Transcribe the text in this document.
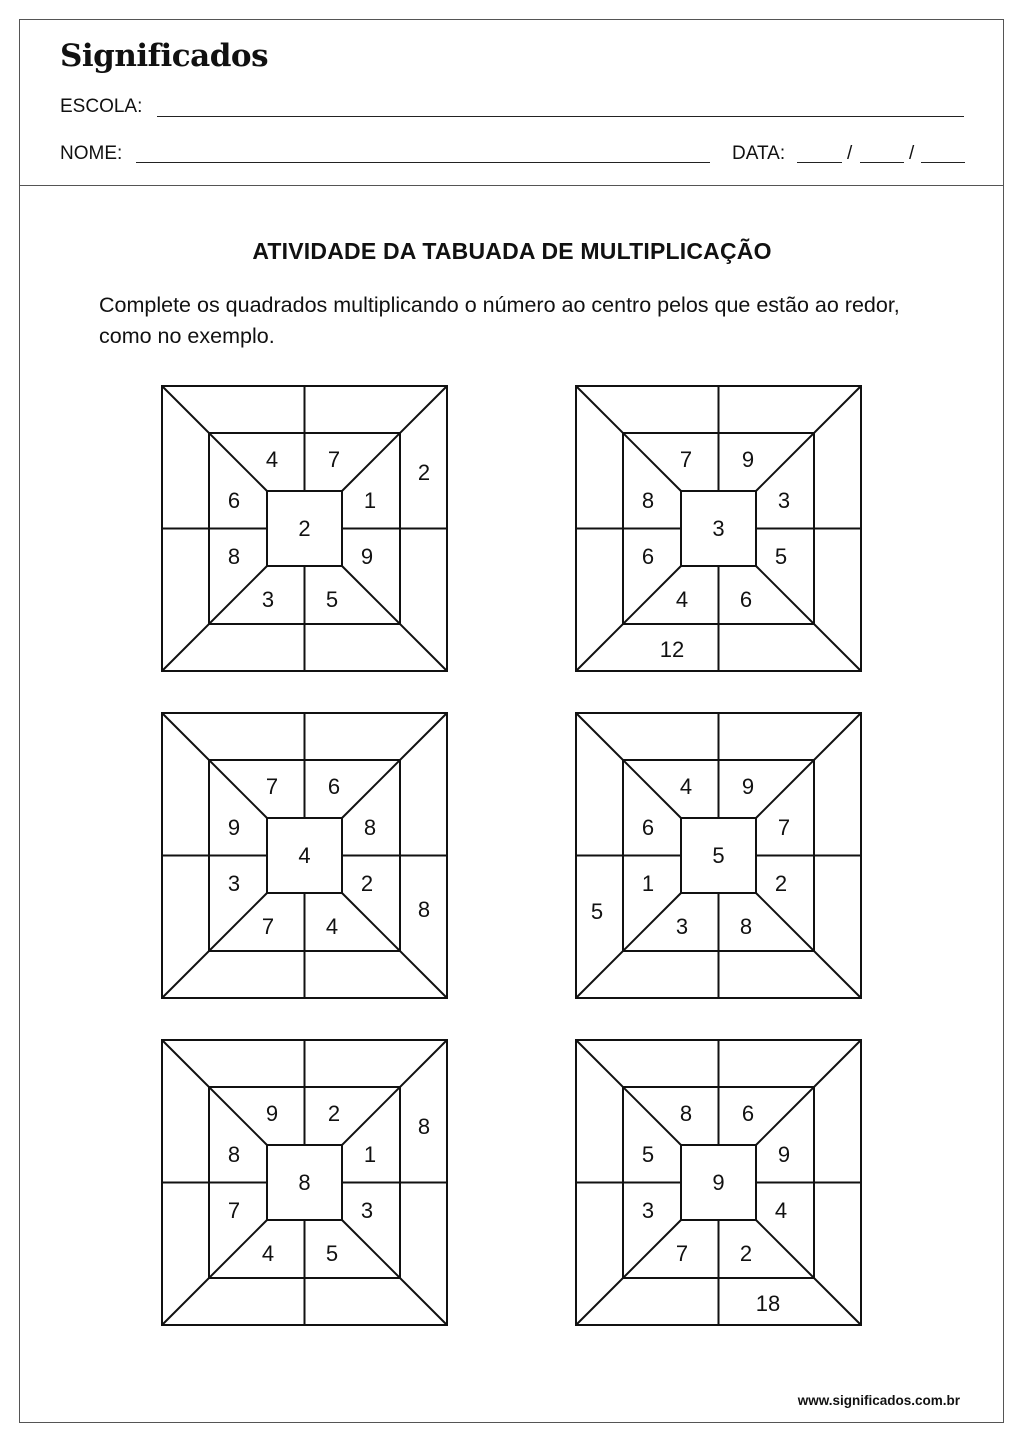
Significados
ESCOLA:
NOME:	DATA:	/	/
ATIVIDADE DA TABUADA DE MULTIPLICAÇÃO
Complete os quadrados multiplicando o número ao centro pelos que estão ao redor, como no exemplo.
2
4	7
1
9
5
3
8
6
2
3
7	9
3
5
6
4
6
8
12
4
7	6
8
2
4
7
3
9
8
5
4	9
7
2
8
3
1
6
5
8
9	2
1
3
5
4
7
8
8
9
8	6
9
4
2
7
3
5
18
www.significados.com.br
